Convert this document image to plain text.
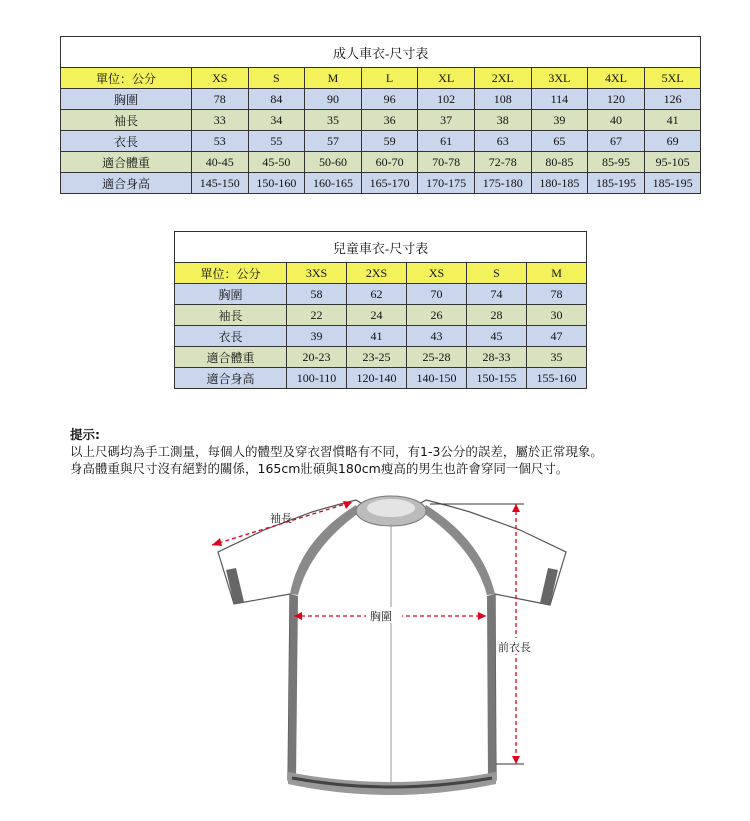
成人車衣-尺寸表									
單位：公分	XS	S	M	L	XL	2XL	3XL	4XL	5XL
胸圍	78	84	90	96	102	108	114	120	126
袖長	33	34	35	36	37	38	39	40	41
衣長	53	55	57	59	61	63	65	67	69
適合體重	40-45	45-50	50-60	60-70	70-78	72-78	80-85	85-95	95-105
適合身高	145-150	150-160	160-165	165-170	170-175	175-180	180-185	185-195	185-195
兒童車衣-尺寸表					
單位：公分	3XS	2XS	XS	S	M
胸圍	58	62	70	74	78
袖長	22	24	26	28	30
衣長	39	41	43	45	47
適合體重	20-23	23-25	25-28	28-33	35
適合身高	100-110	120-140	140-150	150-155	155-160
提示:
以上尺碼均為手工測量，每個人的體型及穿衣習慣略有不同，有1-3公分的誤差，屬於正常現象。
身高體重與尺寸沒有絕對的關係，165cm壯碩與180cm瘦高的男生也許會穿同一個尺寸。
袖長
胸圍
前衣長
